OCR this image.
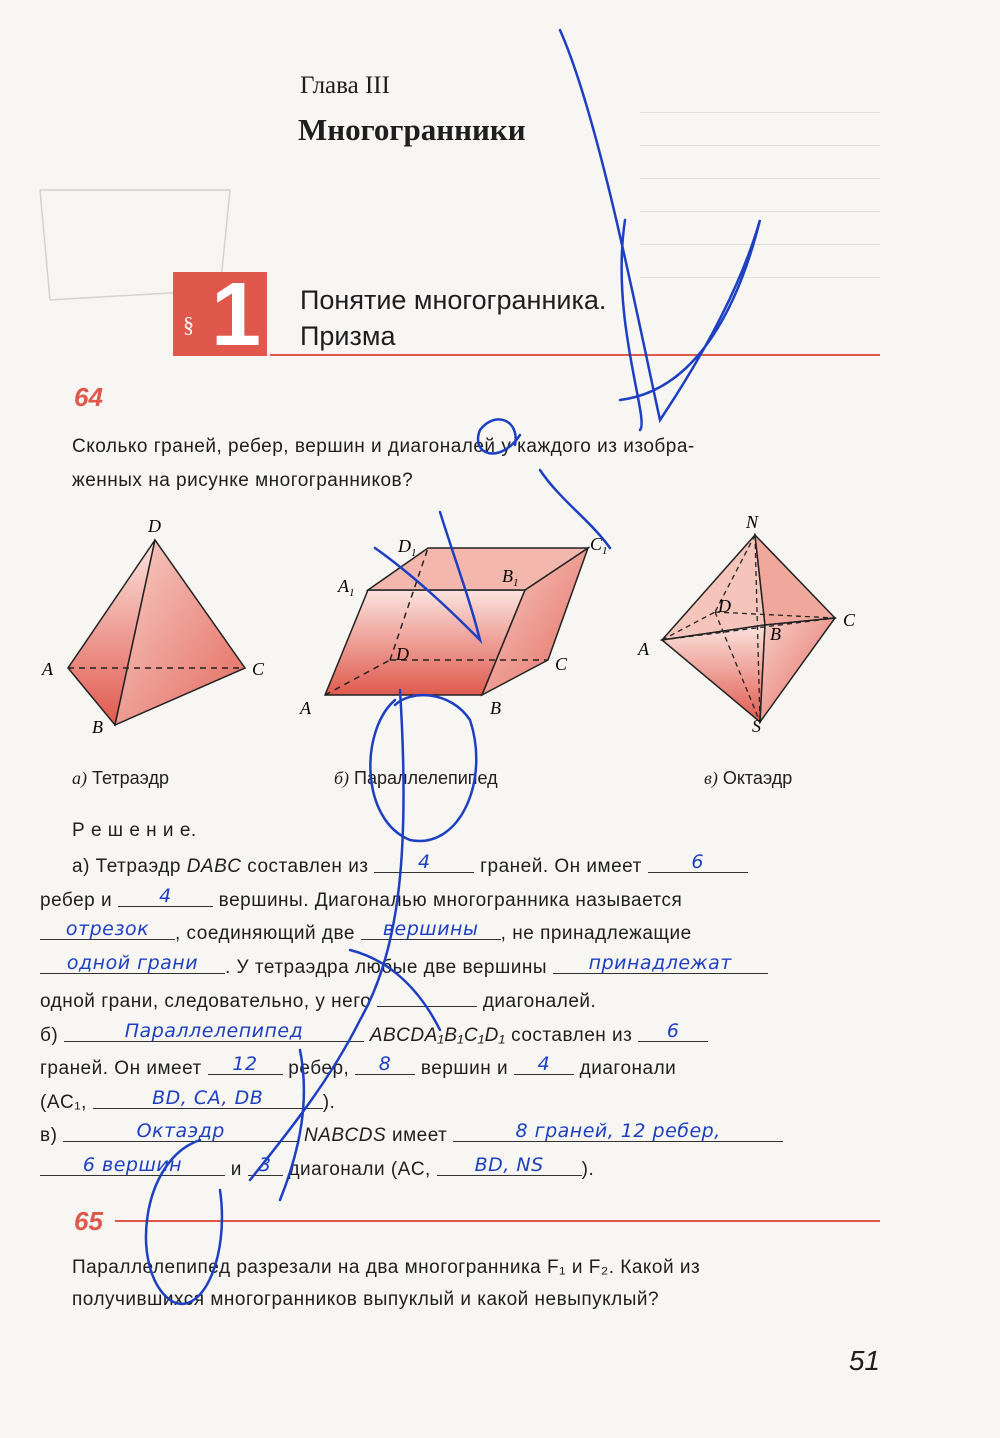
Глава III
Многогранники
§ 1 Понятие многогранника.
Призма
64
Сколько граней, ребер, вершин и диагоналей у каждого из изобра-
женных на рисунке многогранников?
D
A
B
C
$D_1$	$C_1$
$A_1$
$B_1$
D
A	B
C
N
D
A
B
C
S
а) Тетраэдр	б) Параллелепипед	в) Октаэдр
Р е ш е н и е.
а) Тетраэдр DABC составлен из 4 граней. Он имеет 6
ребер и 4 вершины. Диагональю многогранника называется
отрезок , соединяющий две вершины , не принадлежащие
одной грани . У тетраэдра любые две вершины принадлежат
одной грани, следовательно, у него	диагоналей.
б)	Параллелепипед	ABCDA₁B₁C₁D₁ составлен из 6
граней. Он имеет 12 ребер, 8 вершин и 4 диагонали
(AC₁,	BD, CA, DB	).
в)	Октаэдр	NABCDS имеет	8 граней, 12 ребер,
6 вершин и 3 диагонали (AC, BD, NS ).
65
Параллелепипед разрезали на два многогранника F₁ и F₂. Какой из
получившихся многогранников выпуклый и какой невыпуклый?
51
